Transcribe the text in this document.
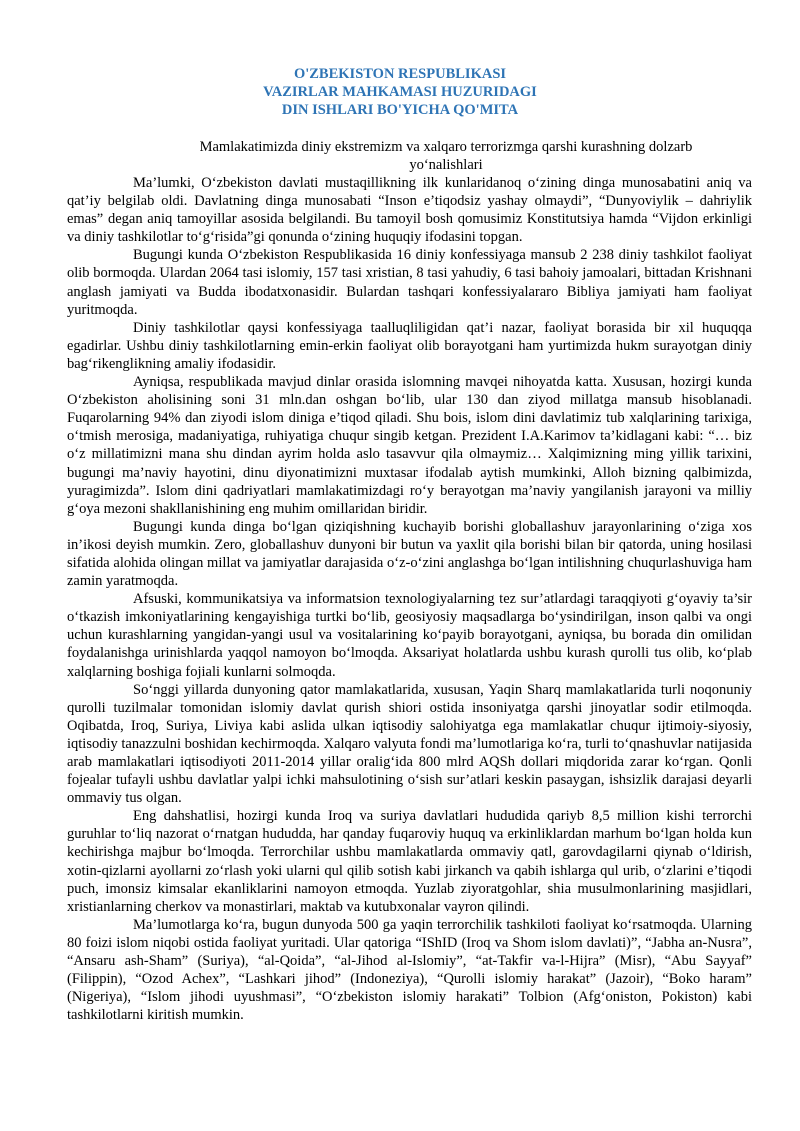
O'ZBEKISTON RESPUBLIKASI
VAZIRLAR MAHKAMASI HUZURIDAGI
DIN ISHLARI BO'YICHA QO'MITA
Mamlakatimizda diniy ekstremizm va xalqaro terrorizmga qarshi kurashning dolzarb yo‘nalishlari

Ma’lumki, O‘zbekiston davlati mustaqillikning ilk kunlaridanoq o‘zining dinga munosabatini aniq va qat’iy belgilab oldi. Davlatning dinga munosabati “Inson e’tiqodsiz yashay olmaydi”, “Dunyoviylik – dahriylik emas” degan aniq tamoyillar asosida belgilandi. Bu tamoyil bosh qomusimiz Konstitutsiya hamda “Vijdon erkinligi va diniy tashkilotlar to‘g‘risida”gi qonunda o‘zining huquqiy ifodasini topgan.

Bugungi kunda O‘zbekiston Respublikasida 16 diniy konfessiyaga mansub 2 238 diniy tashkilot faoliyat olib bormoqda. Ulardan 2064 tasi islomiy, 157 tasi xristian, 8 tasi yahudiy, 6 tasi bahoiy jamoalari, bittadan Krishnani anglash jamiyati va Budda ibodatxonasidir. Bulardan tashqari konfessiyalararo Bibliya jamiyati ham faoliyat yuritmoqda.

Diniy tashkilotlar qaysi konfessiyaga taalluqliligidan qat’i nazar, faoliyat borasida bir xil huquqqa egadirlar. Ushbu diniy tashkilotlarning emin-erkin faoliyat olib borayotgani ham yurtimizda hukm surayotgan diniy bag‘rikenglikning amaliy ifodasidir.

Ayniqsa, respublikada mavjud dinlar orasida islomning mavqei nihoyatda katta. Xususan, hozirgi kunda O‘zbekiston aholisining soni 31 mln.dan oshgan bo‘lib, ular 130 dan ziyod millatga mansub hisoblanadi. Fuqarolarning 94% dan ziyodi islom diniga e’tiqod qiladi. Shu bois, islom dini davlatimiz tub xalqlarining tarixiga, o‘tmish merosiga, madaniyatiga, ruhiyatiga chuqur singib ketgan. Prezident I.A.Karimov ta’kidlagani kabi: “… biz o‘z millatimizni mana shu dindan ayrim holda aslo tasavvur qila olmaymiz… Xalqimizning ming yillik tarixini, bugungi ma’naviy hayotini, dinu diyonatimizni muxtasar ifodalab aytish mumkinki, Alloh bizning qalbimizda, yuragimizda”. Islom dini qadriyatlari mamlakatimizdagi ro‘y berayotgan ma’naviy yangilanish jarayoni va milliy g‘oya mezoni shakllanishining eng muhim omillaridan biridir.

Bugungi kunda dinga bo‘lgan qiziqishning kuchayib borishi globallashuv jarayonlarining o‘ziga xos in’ikosi deyish mumkin. Zero, globallashuv dunyoni bir butun va yaxlit qila borishi bilan bir qatorda, uning hosilasi sifatida alohida olingan millat va jamiyatlar darajasida o‘z-o‘zini anglashga bo‘lgan intilishning chuqurlashuviga ham zamin yaratmoqda.

Afsuski, kommunikatsiya va informatsion texnologiyalarning tez sur’atlardagi taraqqiyoti g‘oyaviy ta’sir o‘tkazish imkoniyatlarining kengayishiga turtki bo‘lib, geosiyosiy maqsadlarga bo‘ysindirilgan, inson qalbi va ongi uchun kurashlarning yangidan-yangi usul va vositalarining ko‘payib borayotgani, ayniqsa, bu borada din omilidan foydalanishga urinishlarda yaqqol namoyon bo‘lmoqda. Aksariyat holatlarda ushbu kurash qurolli tus olib, ko‘plab xalqlarning boshiga fojiali kunlarni solmoqda.

So‘nggi yillarda dunyoning qator mamlakatlarida, xususan, Yaqin Sharq mamlakatlarida turli noqonuniy qurolli tuzilmalar tomonidan islomiy davlat qurish shiori ostida insoniyatga qarshi jinoyatlar sodir etilmoqda. Oqibatda, Iroq, Suriya, Liviya kabi aslida ulkan iqtisodiy salohiyatga ega mamlakatlar chuqur ijtimoiy-siyosiy, iqtisodiy tanazzulni boshidan kechirmoqda. Xalqaro valyuta fondi ma’lumotlariga ko‘ra, turli to‘qnashuvlar natijasida arab mamlakatlari iqtisodiyoti 2011-2014 yillar oralig‘ida 800 mlrd AQSh dollari miqdorida zarar ko‘rgan. Qonli fojealar tufayli ushbu davlatlar yalpi ichki mahsulotining o‘sish sur’atlari keskin pasaygan, ishsizlik darajasi deyarli ommaviy tus olgan.

Eng dahshatlisi, hozirgi kunda Iroq va suriya davlatlari hududida qariyb 8,5 million kishi terrorchi guruhlar to‘liq nazorat o‘rnatgan hududda, har qanday fuqaroviy huquq va erkinliklardan marhum bo‘lgan holda kun kechirishga majbur bo‘lmoqda. Terrorchilar ushbu mamlakatlarda ommaviy qatl, garovdagilarni qiynab o‘ldirish, xotin-qizlarni ayollarni zo‘rlash yoki ularni qul qilib sotish kabi jirkanch va qabih ishlarga qul urib, o‘zlarini e’tiqodi puch, imonsiz kimsalar ekanliklarini namoyon etmoqda. Yuzlab ziyoratgohlar, shia musulmonlarining masjidlari, xristianlarning cherkov va monastirlari, maktab va kutubxonalar vayron qilindi.

Ma’lumotlarga ko‘ra, bugun dunyoda 500 ga yaqin terrorchilik tashkiloti faoliyat ko‘rsatmoqda. Ularning 80 foizi islom niqobi ostida faoliyat yuritadi. Ular qatoriga “IShID (Iroq va Shom islom davlati)”, “Jabha an-Nusra”, “Ansaru ash-Sham” (Suriya), “al-Qoida”, “al-Jihod al-Islomiy”, “at-Takfir va-l-Hijra” (Misr), “Abu Sayyaf” (Filippin), “Ozod Achex”, “Lashkari jihod” (Indoneziya), “Qurolli islomiy harakat” (Jazoir), “Boko haram” (Nigeriya), “Islom jihodi uyushmasi”, “O‘zbekiston islomiy harakati” Tolbion (Afg‘oniston, Pokiston) kabi tashkilotlarni kiritish mumkin.
